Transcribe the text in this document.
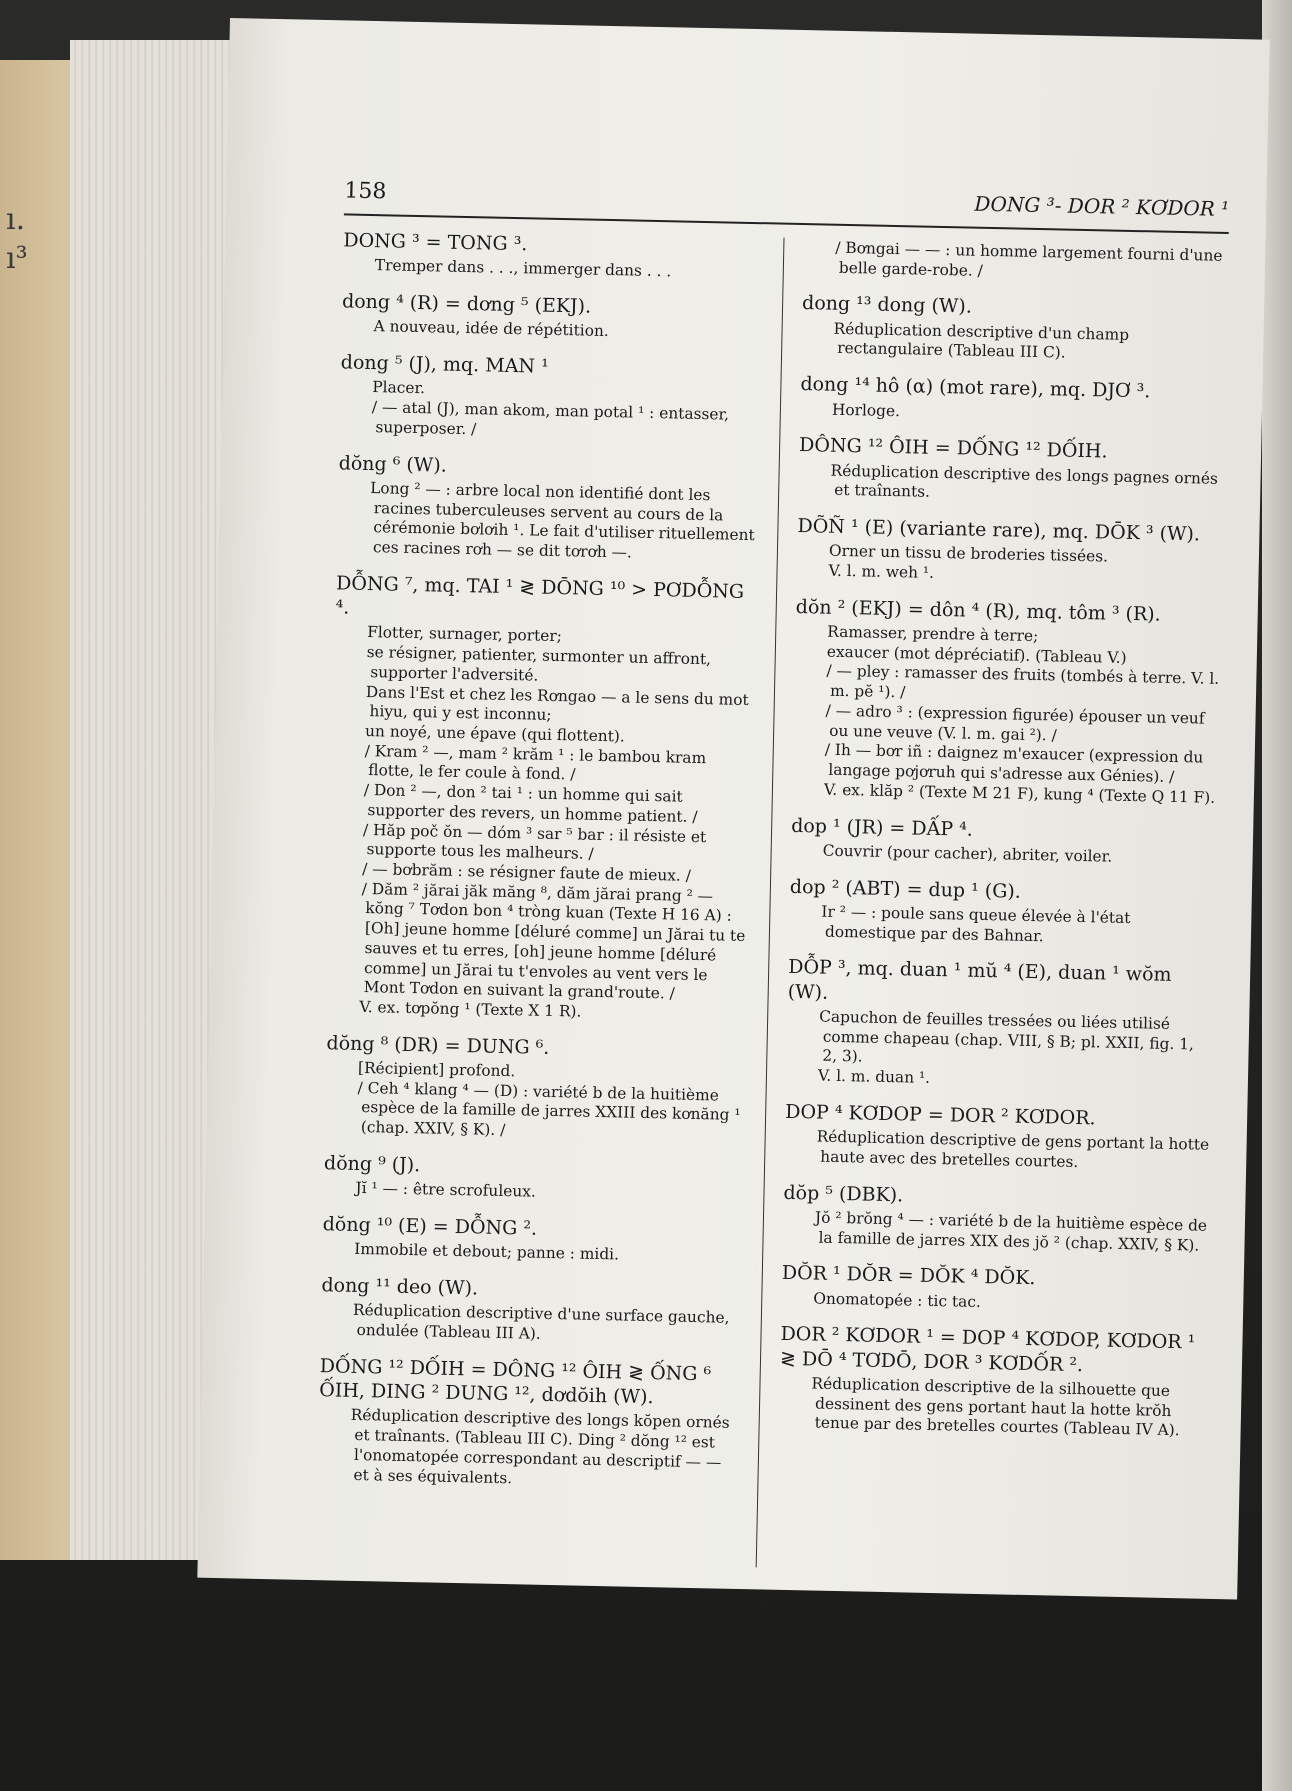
ı.
ı³
158
DONG ³- DOR ² KƠDOR ¹
DONG ³ = TONG ³.
Tremper dans . . ., immerger dans . . .
dong ⁴ (R) = dơng ⁵ (EKJ).
A nouveau, idée de répétition.
dong ⁵ (J), mq. MAN ¹
Placer.
/ — atal (J), man akom, man potal ¹ : entasser, superposer. /
dŏng ⁶ (W).
Long ² — : arbre local non identifié dont les racines tuberculeuses servent au cours de la cérémonie bơlơih ¹. Le fait d'utiliser rituellement ces racines rơh — se dit tơrơh —.
DỖNG ⁷, mq. TAI ¹ ≷ DŌNG ¹⁰ > PƠDỖNG ⁴.
Flotter, surnager, porter;
se résigner, patienter, surmonter un affront, supporter l'adversité.
Dans l'Est et chez les Rơngao — a le sens du mot hiyu, qui y est inconnu;
un noyé, une épave (qui flottent).
/ Kram ² —, mam ² krăm ¹ : le bambou kram flotte, le fer coule à fond. /
/ Don ² —, don ² tai ¹ : un homme qui sait supporter des revers, un homme patient. /
/ Hăp poč ŏn — dóm ³ sar ⁵ bar : il résiste et supporte tous les malheurs. /
/ — bơbrăm : se résigner faute de mieux. /
/ Dăm ² jărai jăk măng ⁸, dăm jărai prang ² — kŏng ⁷ Tơdon bon ⁴ tròng kuan (Texte H 16 A) : [Oh] jeune homme [déluré comme] un Jărai tu te sauves et tu erres, [oh] jeune homme [déluré comme] un Jărai tu t'envoles au vent vers le Mont Tơdon en suivant la grand'route. /
V. ex. tơpŏng ¹ (Texte X 1 R).
dŏng ⁸ (DR) = DUNG ⁶.
[Récipient] profond.
/ Ceh ⁴ klang ⁴ — (D) : variété b de la huitième espèce de la famille de jarres XXIII des kơnăng ¹ (chap. XXIV, § K). /
dŏng ⁹ (J).
Jĭ ¹ — : être scrofuleux.
dŏng ¹⁰ (E) = DỖNG ².
Immobile et debout; panne : midi.
dong ¹¹ deo (W).
Réduplication descriptive d'une surface gauche, ondulée (Tableau III A).
DỐNG ¹² DỐIH = DÔNG ¹² ÔIH ≷ ỐNG ⁶ ỐIH, DING ² DUNG ¹², dơdŏih (W).
Réduplication descriptive des longs kŏpen ornés et traînants. (Tableau III C). Ding ² dŏng ¹² est l'onomatopée correspondant au descriptif — — et à ses équivalents.
/ Bơngai — — : un homme largement fourni d'une belle garde-robe. /
dong ¹³ dong (W).
Réduplication descriptive d'un champ rectangulaire (Tableau III C).
dong ¹⁴ hô (α) (mot rare), mq. DJƠ ³.
Horloge.
DÔNG ¹² ÔIH = DỐNG ¹² DỐIH.
Réduplication descriptive des longs pagnes ornés et traînants.
DÕÑ ¹ (E) (variante rare), mq. DŌK ³ (W).
Orner un tissu de broderies tissées.
V. l. m. weh ¹.
dŏn ² (EKJ) = dôn ⁴ (R), mq. tôm ³ (R).
Ramasser, prendre à terre;
exaucer (mot dépréciatif). (Tableau V.)
/ — pley : ramasser des fruits (tombés à terre. V. l. m. pĕ ¹). /
/ — adro ³ : (expression figurée) épouser un veuf ou une veuve (V. l. m. gai ²). /
/ Ih — bơr iñ : daignez m'exaucer (expression du langage pơjơruh qui s'adresse aux Génies). /
V. ex. klăp ² (Texte M 21 F), kung ⁴ (Texte Q 11 F).
dop ¹ (JR) = DẤP ⁴.
Couvrir (pour cacher), abriter, voiler.
dop ² (ABT) = dup ¹ (G).
Ir ² — : poule sans queue élevée à l'état domestique par des Bahnar.
DỖP ³, mq. duan ¹ mŭ ⁴ (E), duan ¹ wŏm (W).
Capuchon de feuilles tressées ou liées utilisé comme chapeau (chap. VIII, § B; pl. XXII, fig. 1, 2, 3).
V. l. m. duan ¹.
DOP ⁴ KƠDOP = DOR ² KƠDOR.
Réduplication descriptive de gens portant la hotte haute avec des bretelles courtes.
dŏp ⁵ (DBK).
Jŏ ² brŏng ⁴ — : variété b de la huitième espèce de la famille de jarres XIX des jŏ ² (chap. XXIV, § K).
DŎR ¹ DŎR = DŎK ⁴ DŎK.
Onomatopée : tic tac.
DOR ² KƠDOR ¹ = DOP ⁴ KƠDOP, KƠDOR ¹ ≷ DŌ ⁴ TƠDŌ, DOR ³ KƠDỐR ².
Réduplication descriptive de la silhouette que dessinent des gens portant haut la hotte krŏh tenue par des bretelles courtes (Tableau IV A).
